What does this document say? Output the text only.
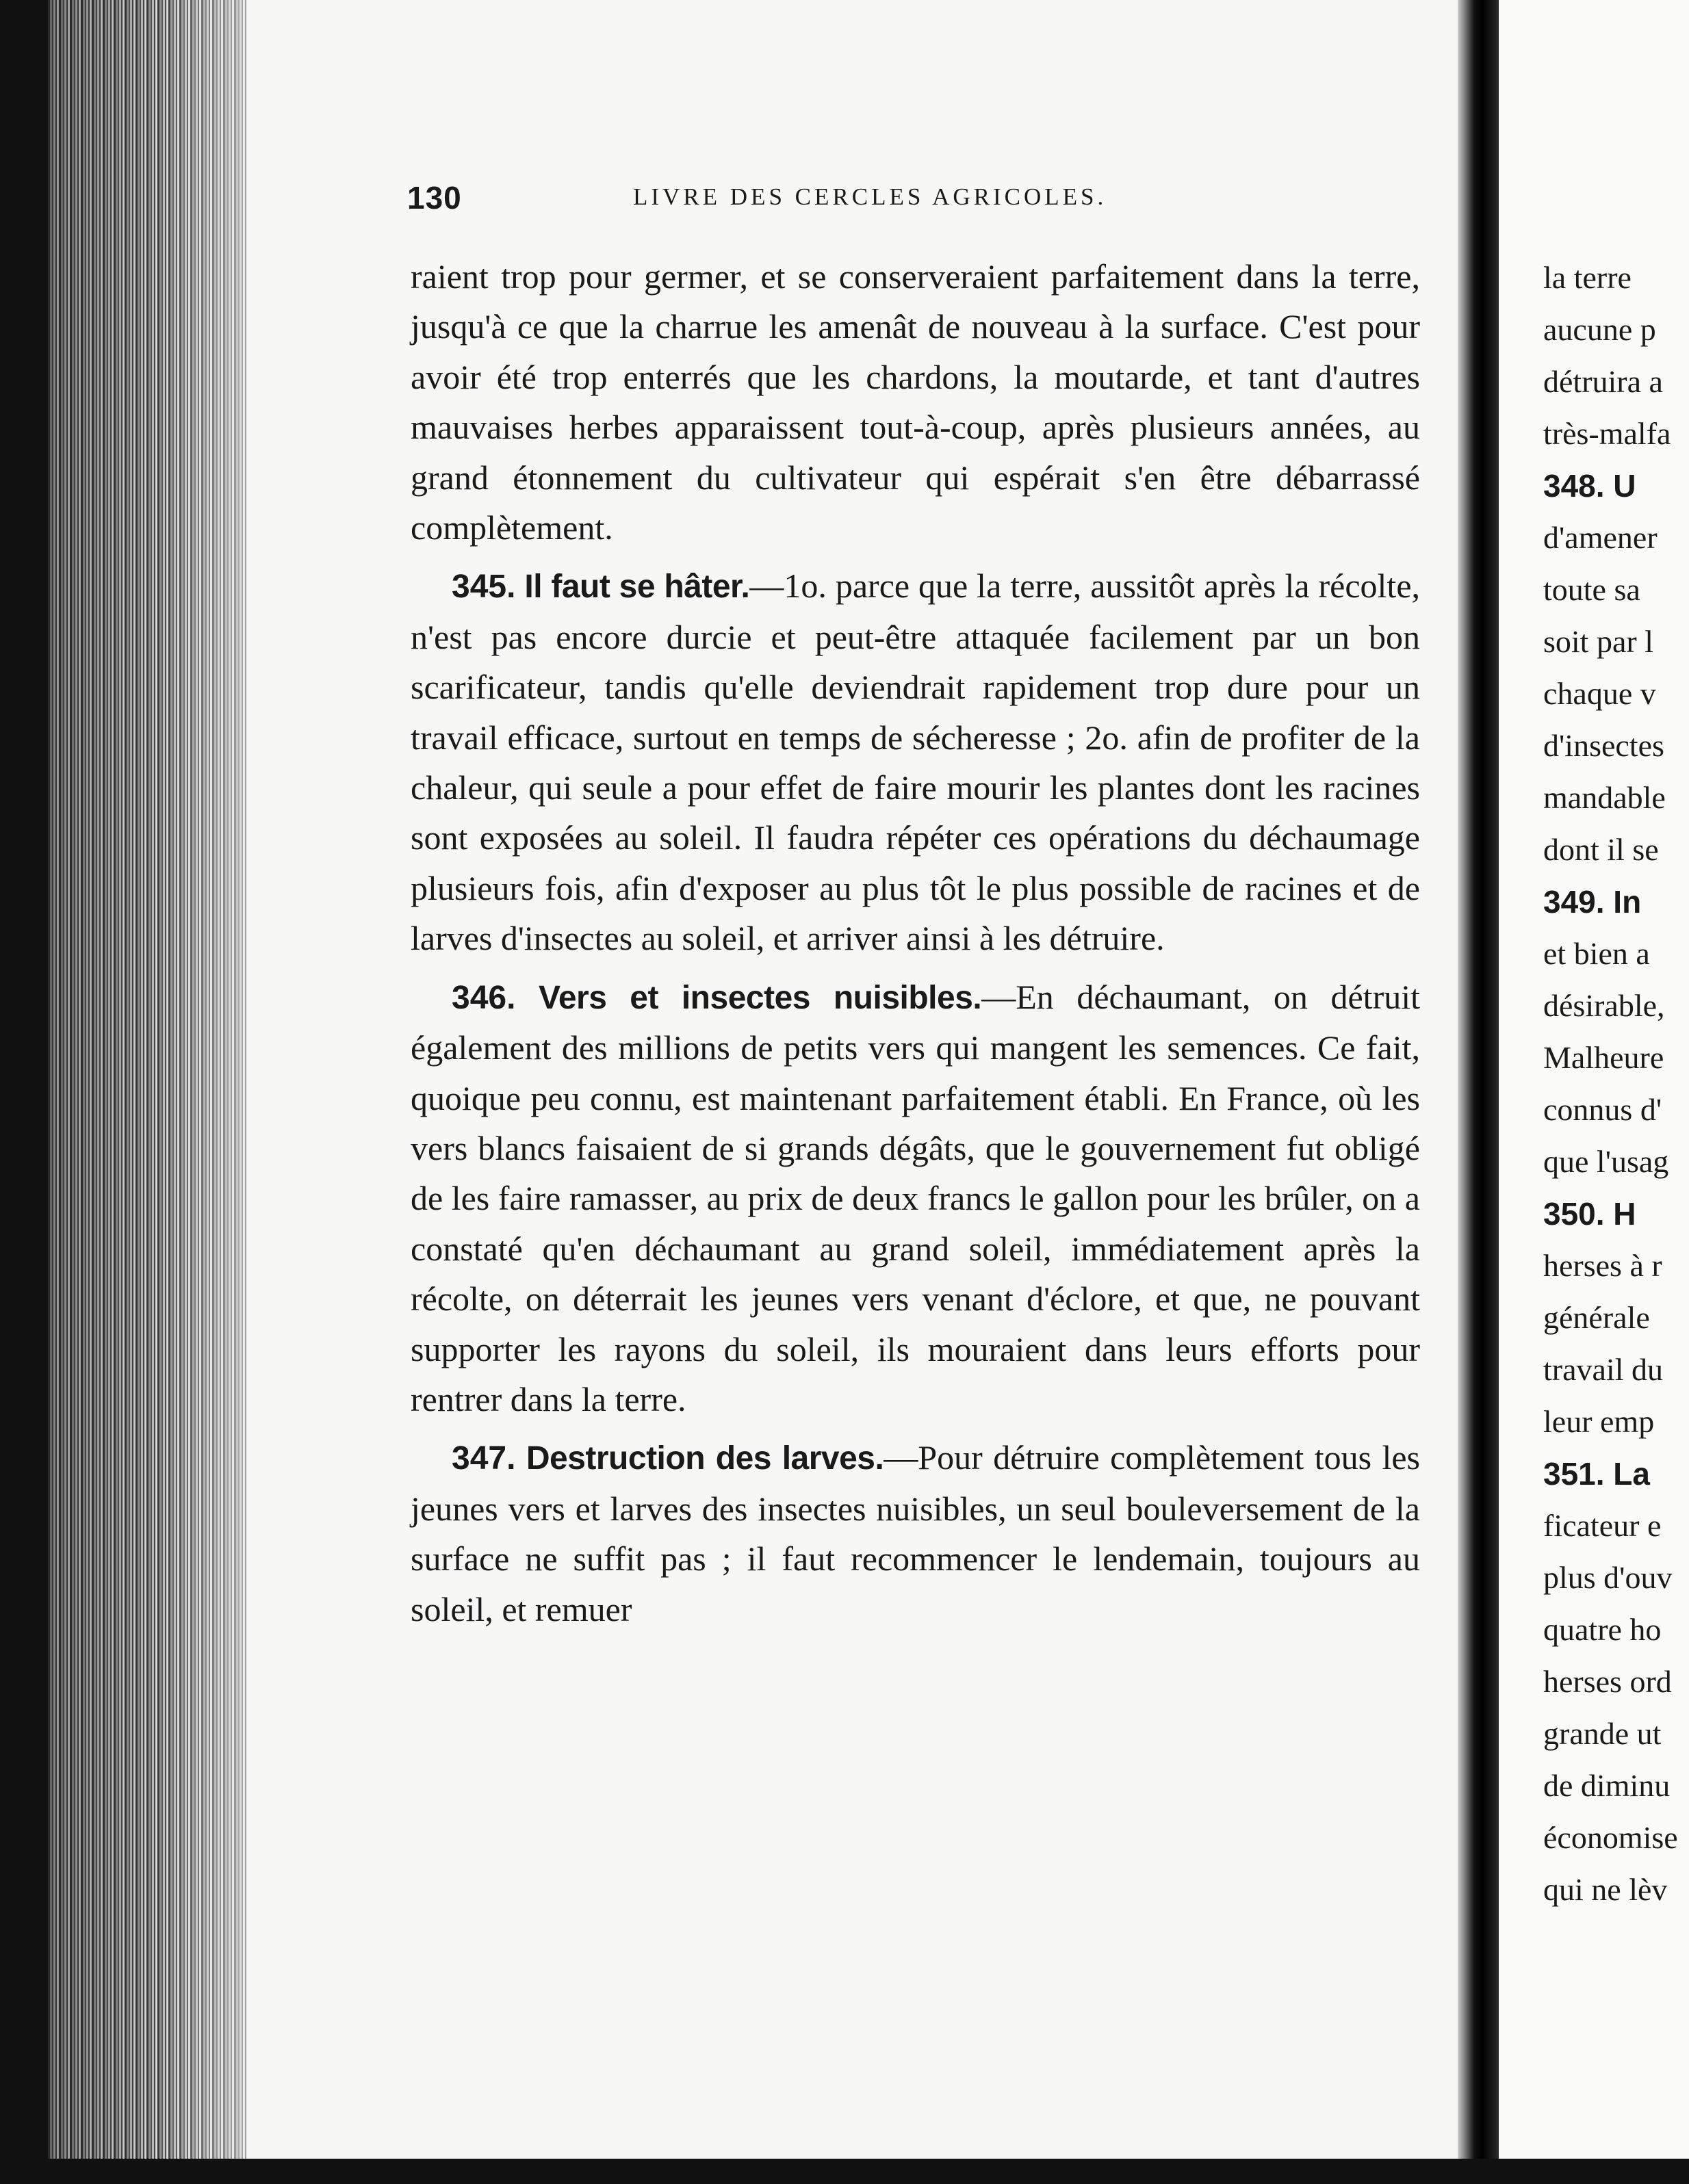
130	LIVRE DES CERCLES AGRICOLES.

raient trop pour germer, et se conserveraient parfaitement dans la terre, jusqu'à ce que la charrue les amenât de nouveau à la surface. C'est pour avoir été trop enterrés que les chardons, la moutarde, et tant d'autres mauvaises herbes apparaissent tout-à-coup, après plusieurs années, au grand étonnement du cultivateur qui espérait s'en être débarrassé complètement.

345. Il faut se hâter.—1o. parce que la terre, aussitôt après la récolte, n'est pas encore durcie et peut-être attaquée facilement par un bon scarificateur, tandis qu'elle deviendrait rapidement trop dure pour un travail efficace, surtout en temps de sécheresse ; 2o. afin de profiter de la chaleur, qui seule a pour effet de faire mourir les plantes dont les racines sont exposées au soleil. Il faudra répéter ces opérations du déchaumage plusieurs fois, afin d'exposer au plus tôt le plus possible de racines et de larves d'insectes au soleil, et arriver ainsi à les détruire.

346. Vers et insectes nuisibles.—En déchaumant, on détruit également des millions de petits vers qui mangent les semences. Ce fait, quoique peu connu, est maintenant parfaitement établi. En France, où les vers blancs faisaient de si grands dégâts, que le gouvernement fut obligé de les faire ramasser, au prix de deux francs le gallon pour les brûler, on a constaté qu'en déchaumant au grand soleil, immédiatement après la récolte, on déterrait les jeunes vers venant d'éclore, et que, ne pouvant supporter les rayons du soleil, ils mouraient dans leurs efforts pour rentrer dans la terre.

347. Destruction des larves.—Pour détruire complètement tous les jeunes vers et larves des insectes nuisibles, un seul bouleversement de la surface ne suffit pas ; il faut recommencer le lendemain, toujours au soleil, et remuer

la terre
aucune p
détruira a
très-malfa
348. U
d'amener
toute sa
soit par l
chaque v
d'insectes
mandable
dont il se
349. In
et bien a
désirable,
Malheure
connus d'
que l'usag
350. H
herses à r
générale
travail du
leur emp
351. La
ficateur e
plus d'ouv
quatre ho
herses ord
grande ut
de diminu
économise
qui ne lèv
